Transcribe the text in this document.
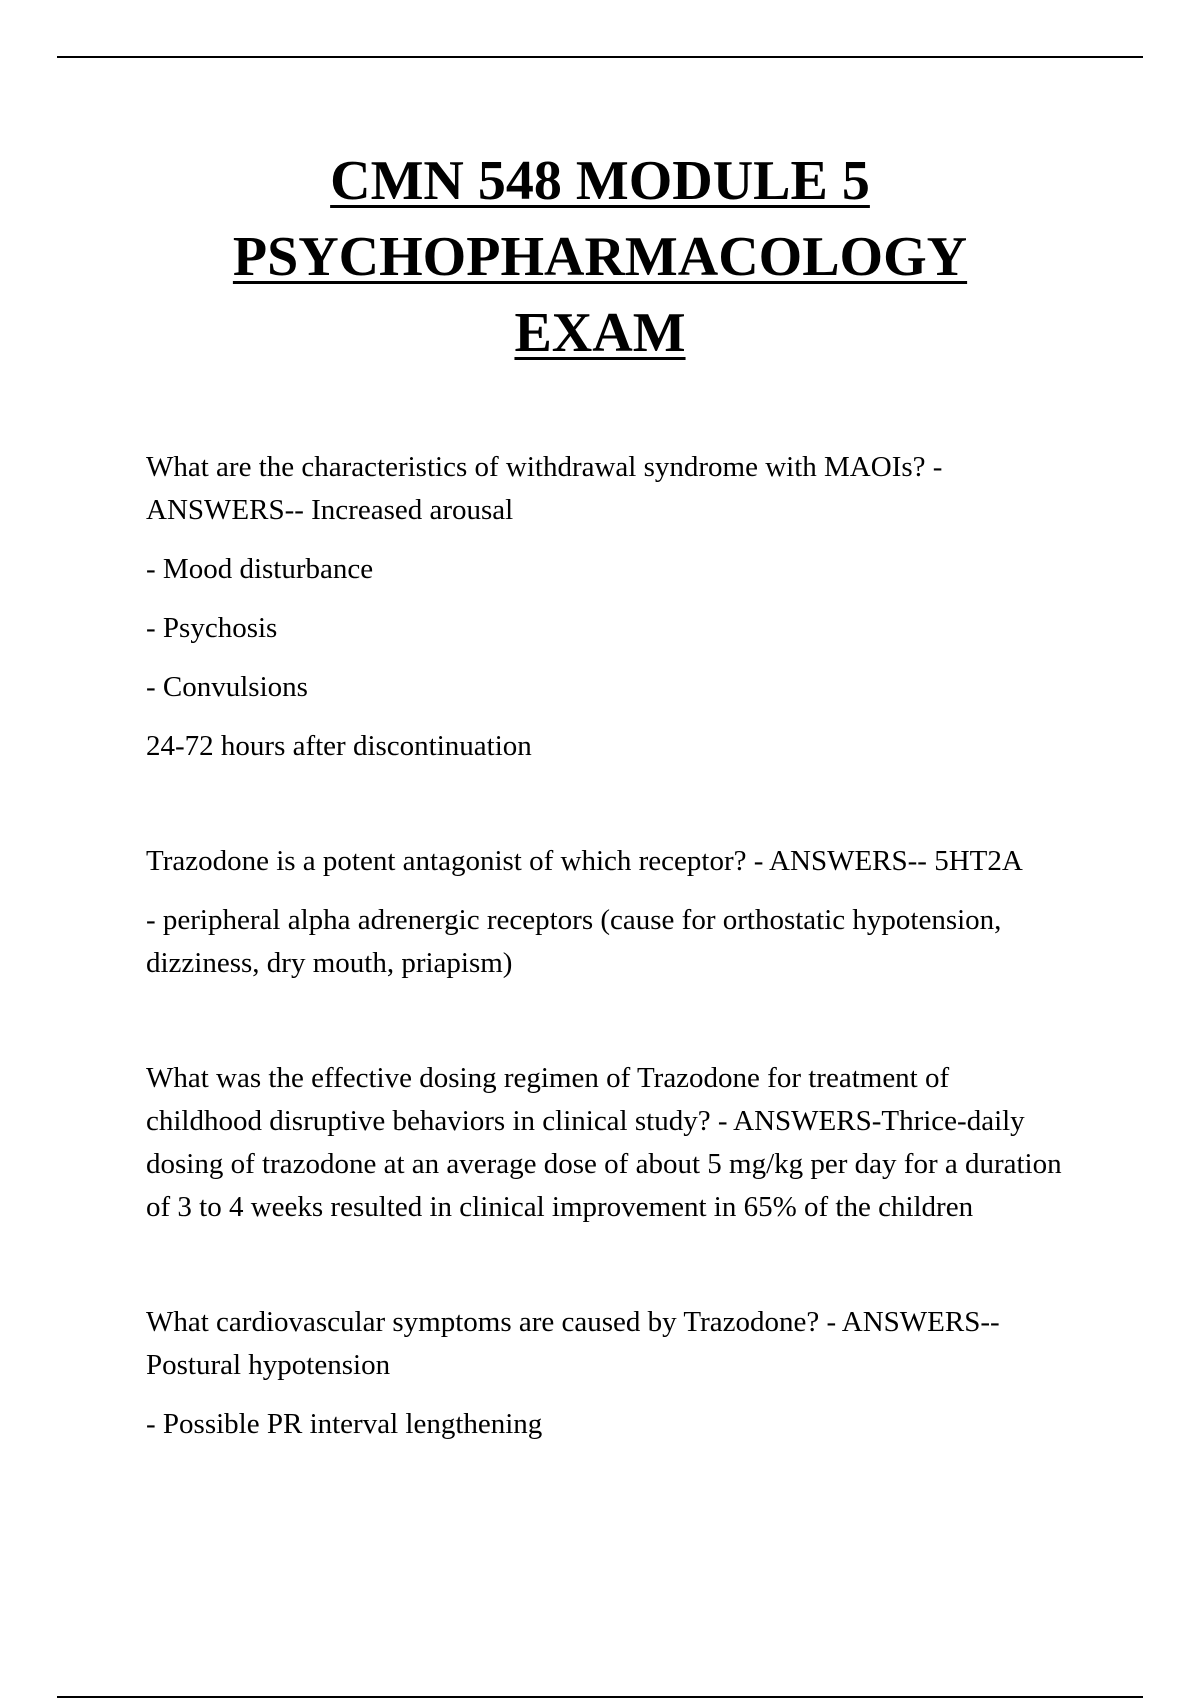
CMN 548 MODULE 5
PSYCHOPHARMACOLOGY
EXAM

What are the characteristics of withdrawal syndrome with MAOIs? - ANSWERS-- Increased arousal

- Mood disturbance

- Psychosis

- Convulsions

24-72 hours after discontinuation

Trazodone is a potent antagonist of which receptor? - ANSWERS-- 5HT2A

- peripheral alpha adrenergic receptors (cause for orthostatic hypotension, dizziness, dry mouth, priapism)

What was the effective dosing regimen of Trazodone for treatment of childhood disruptive behaviors in clinical study? - ANSWERS-Thrice-daily dosing of trazodone at an average dose of about 5 mg/kg per day for a duration of 3 to 4 weeks resulted in clinical improvement in 65% of the children

What cardiovascular symptoms are caused by Trazodone? - ANSWERS-- Postural hypotension

- Possible PR interval lengthening
